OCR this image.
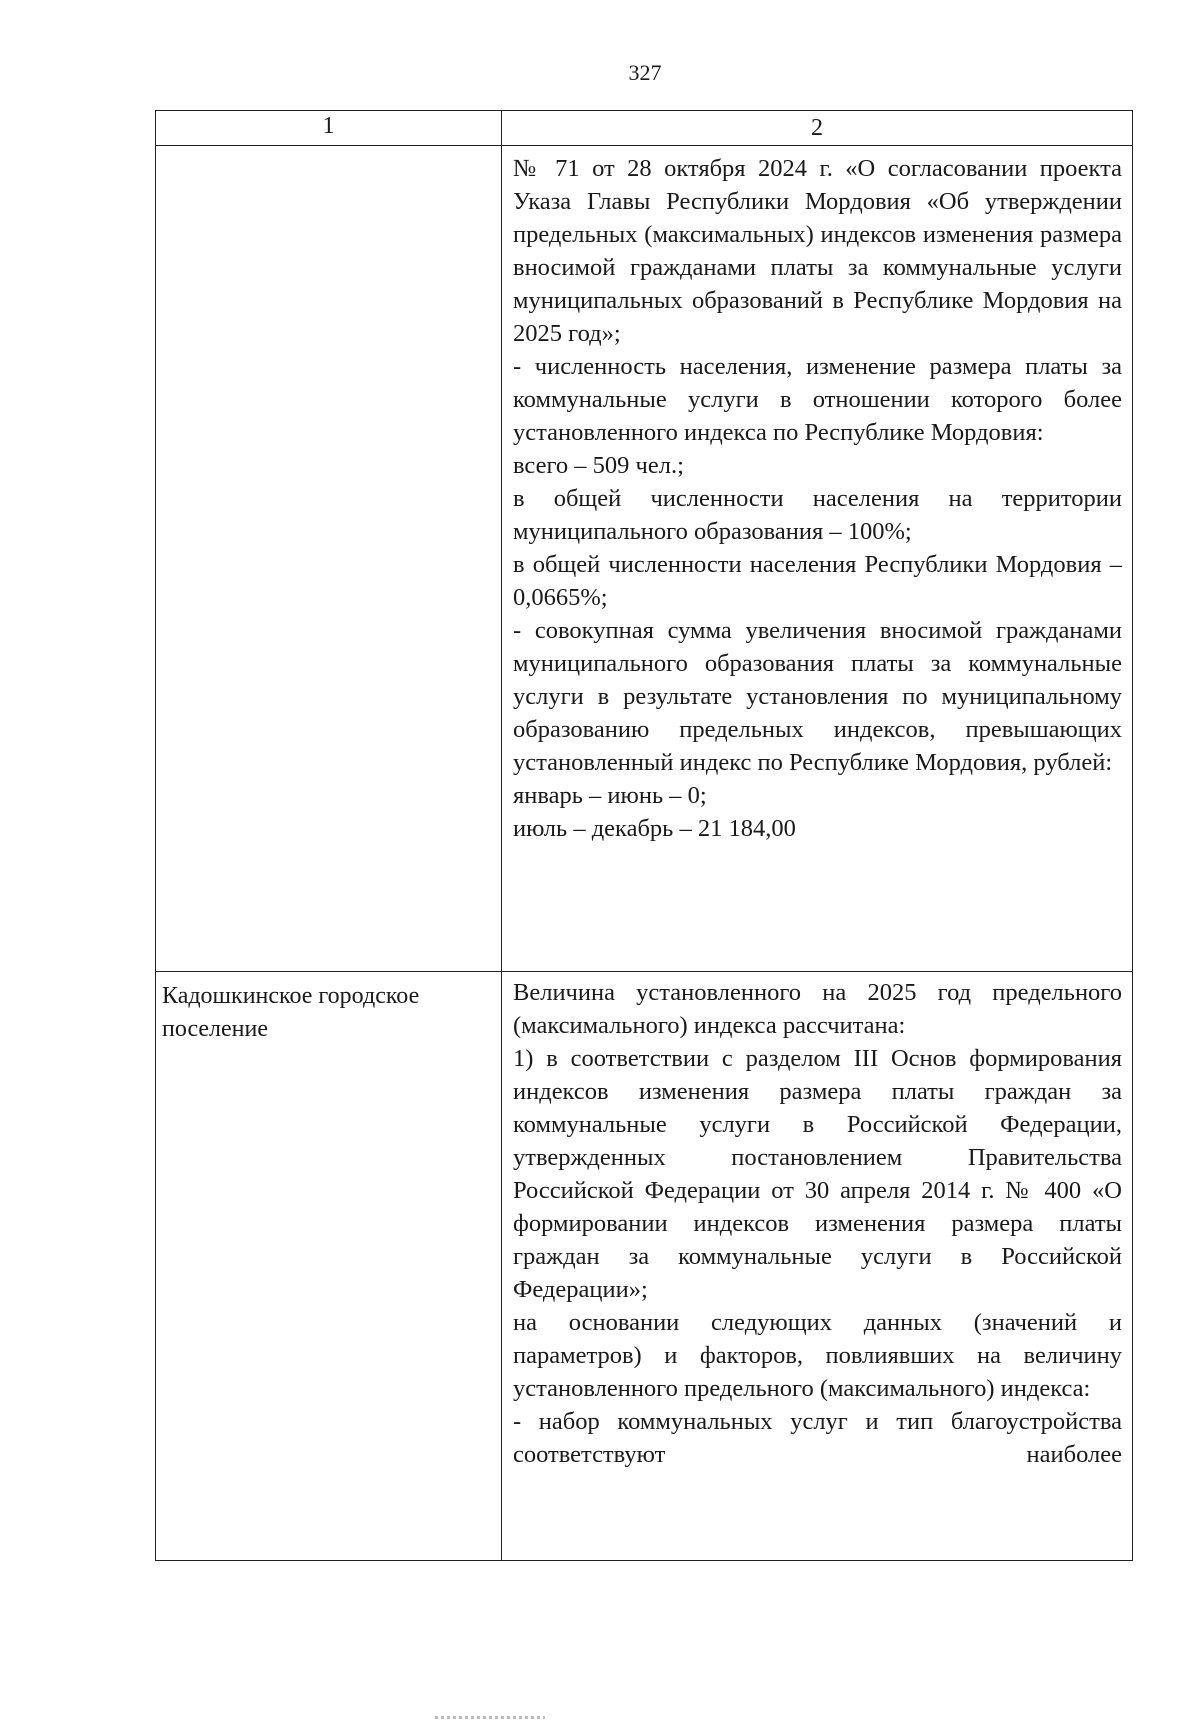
327
1	2

№ 71 от 28 октября 2024 г. «О согласовании проекта Указа Главы Республики Мордовия «Об утверждении предельных (максимальных) индексов изменения размера вносимой гражданами платы за коммунальные услуги муниципальных образований в Республике Мордовия на 2025 год»;

- численность населения, изменение размера платы за коммунальные услуги в отношении которого более установленного индекса по Республике Мордовия:

всего – 509 чел.;

в общей численности населения на территории муниципального образования – 100%;

в общей численности населения Республики Мордовия – 0,0665%;

- совокупная сумма увеличения вносимой гражданами муниципального образования платы за коммунальные услуги в результате установления по муниципальному образованию предельных индексов, превышающих установленный индекс по Республике Мордовия, рублей:

январь – июнь – 0;

июль – декабрь – 21 184,00

Кадошкинское городское поселение

Величина установленного на 2025 год предельного (максимального) индекса рассчитана:

1) в соответствии с разделом III Основ формирования индексов изменения размера платы граждан за коммунальные услуги в Российской Федерации, утвержденных постановлением Правительства Российской Федерации от 30 апреля 2014 г. № 400 «О формировании индексов изменения размера платы граждан за коммунальные услуги в Российской Федерации»;

на основании следующих данных (значений и параметров) и факторов, повлиявших на величину установленного предельного (максимального) индекса:

- набор коммунальных услуг и тип благоустройства соответствуют наиболее
